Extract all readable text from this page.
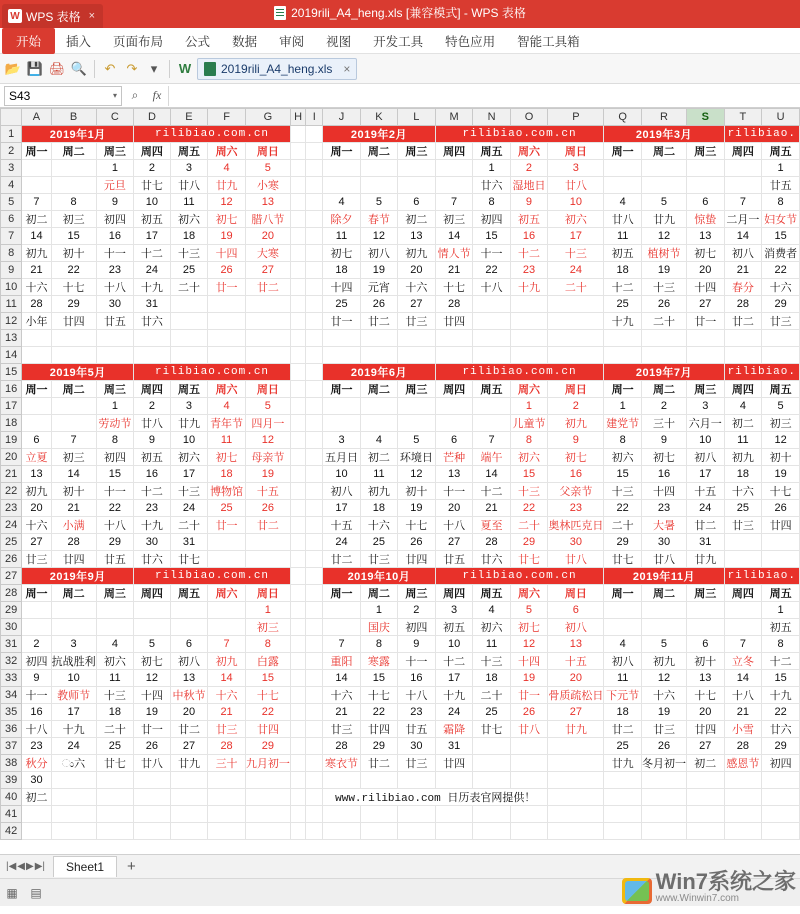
W WPS 表格 ×	2019rili_A4_heng.xls [兼容模式] - WPS 表格
开始	插入	页面布局	公式	数据	审阅	视图	开发工具	特色应用	智能工具箱
📂 💾 🖨 🔍	↶ ↷	▾	W	2019rili_A4_heng.xls ×
S43	▾	⌕	fx
	A	B	C	D	E	F	G	H	I	J	K	L	M	N	O	P	Q	R	S	T	U
1	2019年1月			rilibiao.com.cn						2019年2月			rilibiao.com.cn				2019年3月			rilibiao.	
2	周一	周二	周三	周四	周五	周六	周日			周一	周二	周三	周四	周五	周六	周日	周一	周二	周三	周四	周五
3			1	2	3	4	5							1	2	3					1
4			元旦	廿七	廿八	廿九	小寒							廿六	湿地日	廿八					廿五
5	7	8	9	10	11	12	13			4	5	6	7	8	9	10	4	5	6	7	8
6	初二	初三	初四	初五	初六	初七	腊八节			除夕	春节	初二	初三	初四	初五	初六	廿八	廿九	惊蛰	二月一	妇女节
7	14	15	16	17	18	19	20			11	12	13	14	15	16	17	11	12	13	14	15
8	初九	初十	十一	十二	十三	十四	大寒			初七	初八	初九	情人节	十一	十二	十三	初五	植树节	初七	初八	消费者
9	21	22	23	24	25	26	27			18	19	20	21	22	23	24	18	19	20	21	22
10	十六	十七	十八	十九	二十	廿一	廿二			十四	元宵	十六	十七	十八	十九	二十	十二	十三	十四	春分	十六
11	28	29	30	31						25	26	27	28				25	26	27	28	29
12	小年	廿四	廿五	廿六						廿一	廿二	廿三	廿四				十九	二十	廿一	廿二	廿三
13																					
14																					
15	2019年5月			rilibiao.com.cn						2019年6月			rilibiao.com.cn				2019年7月			rilibiao.	
16	周一	周二	周三	周四	周五	周六	周日			周一	周二	周三	周四	周五	周六	周日	周一	周二	周三	周四	周五
17			1	2	3	4	5								1	2	1	2	3	4	5
18			劳动节	廿八	廿九	青年节	四月一								儿童节	初九	建党节	三十	六月一	初二	初三
19	6	7	8	9	10	11	12			3	4	5	6	7	8	9	8	9	10	11	12
20	立夏	初三	初四	初五	初六	初七	母亲节			五月日	初二	环境日	芒种	端午	初六	初七	初六	初七	初八	初九	初十
21	13	14	15	16	17	18	19			10	11	12	13	14	15	16	15	16	17	18	19
22	初九	初十	十一	十二	十三	博物馆	十五			初八	初九	初十	十一	十二	十三	父亲节	十三	十四	十五	十六	十七
23	20	21	22	23	24	25	26			17	18	19	20	21	22	23	22	23	24	25	26
24	十六	小满	十八	十九	二十	廿一	廿二			十五	十六	十七	十八	夏至	二十	奥林匹克日	二十	大暑	廿二	廿三	廿四
25	27	28	29	30	31					24	25	26	27	28	29	30	29	30	31		
26	廿三	廿四	廿五	廿六	廿七					廿二	廿三	廿四	廿五	廿六	廿七	廿八	廿七	廿八	廿九		
27	2019年9月			rilibiao.com.cn						2019年10月			rilibiao.com.cn				2019年11月			rilibiao.	
28	周一	周二	周三	周四	周五	周六	周日			周一	周二	周三	周四	周五	周六	周日	周一	周二	周三	周四	周五
29							1				1	2	3	4	5	6					1
30							初三				国庆	初四	初五	初六	初七	初八					初五
31	2	3	4	5	6	7	8			7	8	9	10	11	12	13	4	5	6	7	8
32	初四	抗战胜利	初六	初七	初八	初九	白露			重阳	寒露	十一	十二	十三	十四	十五	初八	初九	初十	立冬	十二
33	9	10	11	12	13	14	15			14	15	16	17	18	19	20	11	12	13	14	15
34	十一	教师节	十三	十四	中秋节	十六	十七			十六	十七	十八	十九	二十	廿一	骨质疏松日	下元节	十六	十七	十八	十九
35	16	17	18	19	20	21	22			21	22	23	24	25	26	27	18	19	20	21	22
36	十八	十九	二十	廿一	廿二	廿三	廿四			廿三	廿四	廿五	霜降	廿七	廿八	廿九	廿二	廿三	廿四	小雪	廿六
37	23	24	25	26	27	28	29			28	29	30	31				25	26	27	28	29
38	秋分	ು六	廿七	廿八	廿九	三十	九月初一			寒衣节	廿二	廿三	廿四				廿九	冬月初一	初二	感恩节	初四
39	30																				
40	初二									www.rilibiao.com 日历表官网提供！											
41																					
42																					
|◀ ◀ ▶ ▶|	Sheet1	+
▦	▤	Win7系统之家
www.Winwin7.com
